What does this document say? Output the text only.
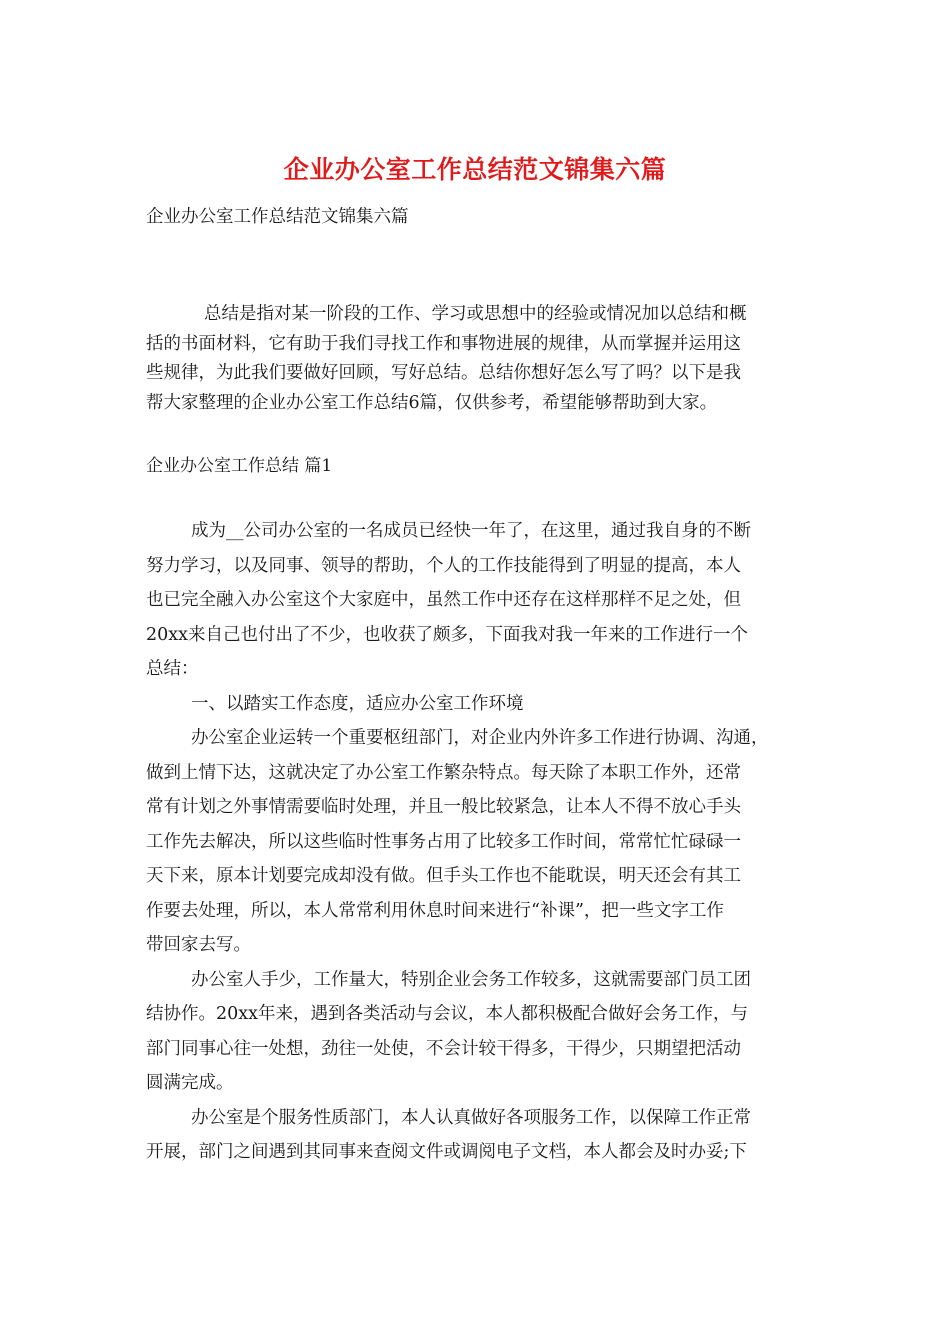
企业办公室工作总结范文锦集六篇
企业办公室工作总结范文锦集六篇
总结是指对某一阶段的工作、学习或思想中的经验或情况加以总结和概
括的书面材料，它有助于我们寻找工作和事物进展的规律，从而掌握并运用这
些规律，为此我们要做好回顾，写好总结。总结你想好怎么写了吗？以下是我
帮大家整理的企业办公室工作总结6篇，仅供参考，希望能够帮助到大家。
企业办公室工作总结 篇1

成为__公司办公室的一名成员已经快一年了，在这里，通过我自身的不断
努力学习，以及同事、领导的帮助，个人的工作技能得到了明显的提高，本人
也已完全融入办公室这个大家庭中，虽然工作中还存在这样那样不足之处，但
20xx来自己也付出了不少，也收获了颇多，下面我对我一年来的工作进行一个
总结：

一、以踏实工作态度，适应办公室工作环境

办公室企业运转一个重要枢纽部门，对企业内外许多工作进行协调、沟通，
做到上情下达，这就决定了办公室工作繁杂特点。每天除了本职工作外，还常
常有计划之外事情需要临时处理，并且一般比较紧急，让本人不得不放心手头
工作先去解决，所以这些临时性事务占用了比较多工作时间，常常忙忙碌碌一
天下来，原本计划要完成却没有做。但手头工作也不能耽误，明天还会有其工
作要去处理，所以，本人常常利用休息时间来进行“补课”，把一些文字工作
带回家去写。

办公室人手少，工作量大，特别企业会务工作较多，这就需要部门员工团
结协作。20xx年来，遇到各类活动与会议，本人都积极配合做好会务工作，与
部门同事心往一处想，劲往一处使，不会计较干得多，干得少，只期望把活动
圆满完成。

办公室是个服务性质部门，本人认真做好各项服务工作，以保障工作正常
开展，部门之间遇到其同事来查阅文件或调阅电子文档，本人都会及时办妥;下
